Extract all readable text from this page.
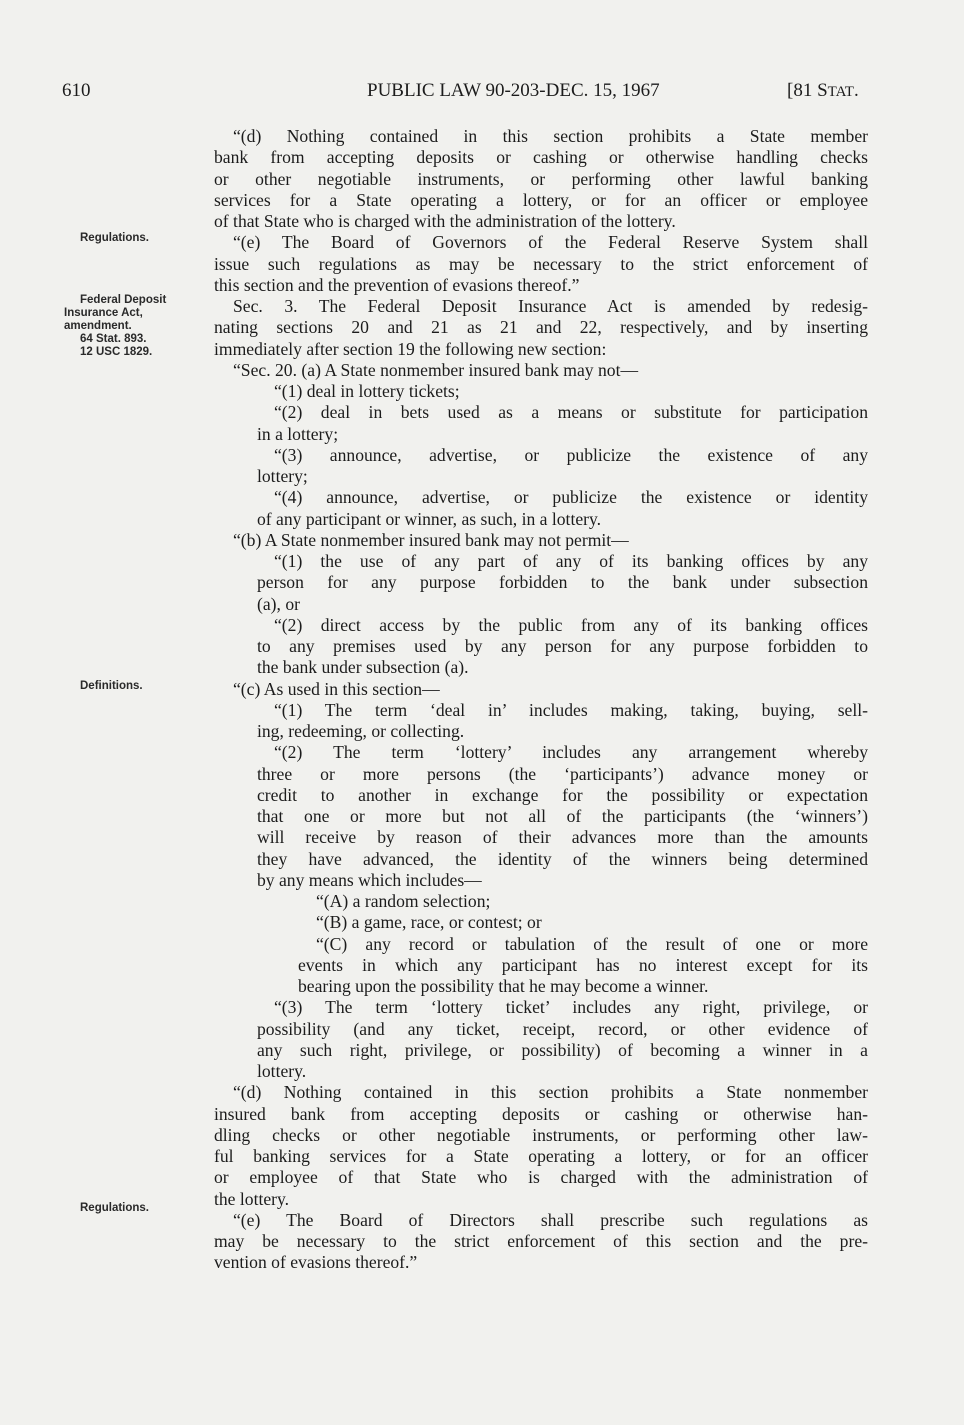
610	PUBLIC LAW 90-203-DEC. 15, 1967	[81 STAT.
Regulations.
Federal Deposit
Insurance Act,
amendment.
64 Stat. 893.
12 USC 1829.
Definitions.
Regulations.
“(d) Nothing contained in this section prohibits a State member
bank from accepting deposits or cashing or otherwise handling checks
or other negotiable instruments, or performing other lawful banking
services for a State operating a lottery, or for an officer or employee
of that State who is charged with the administration of the lottery.
“(e) The Board of Governors of the Federal Reserve System shall
issue such regulations as may be necessary to the strict enforcement of
this section and the prevention of evasions thereof.”
Sec. 3. The Federal Deposit Insurance Act is amended by redesig-
nating sections 20 and 21 as 21 and 22, respectively, and by inserting
immediately after section 19 the following new section:
“Sec. 20. (a) A State nonmember insured bank may not—
“(1) deal in lottery tickets;
“(2) deal in bets used as a means or substitute for participation
in a lottery;
“(3) announce, advertise, or publicize the existence of any
lottery;
“(4) announce, advertise, or publicize the existence or identity
of any participant or winner, as such, in a lottery.
“(b) A State nonmember insured bank may not permit—
“(1) the use of any part of any of its banking offices by any
person for any purpose forbidden to the bank under subsection
(a), or
“(2) direct access by the public from any of its banking offices
to any premises used by any person for any purpose forbidden to
the bank under subsection (a).
“(c) As used in this section—
“(1) The term ‘deal in’ includes making, taking, buying, sell-
ing, redeeming, or collecting.
“(2) The term ‘lottery’ includes any arrangement whereby
three or more persons (the ‘participants’) advance money or
credit to another in exchange for the possibility or expectation
that one or more but not all of the participants (the ‘winners’)
will receive by reason of their advances more than the amounts
they have advanced, the identity of the winners being determined
by any means which includes—
“(A) a random selection;
“(B) a game, race, or contest; or
“(C) any record or tabulation of the result of one or more
events in which any participant has no interest except for its
bearing upon the possibility that he may become a winner.
“(3) The term ‘lottery ticket’ includes any right, privilege, or
possibility (and any ticket, receipt, record, or other evidence of
any such right, privilege, or possibility) of becoming a winner in a
lottery.
“(d) Nothing contained in this section prohibits a State nonmember
insured bank from accepting deposits or cashing or otherwise han-
dling checks or other negotiable instruments, or performing other law-
ful banking services for a State operating a lottery, or for an officer
or employee of that State who is charged with the administration of
the lottery.
“(e) The Board of Directors shall prescribe such regulations as
may be necessary to the strict enforcement of this section and the pre-
vention of evasions thereof.”
